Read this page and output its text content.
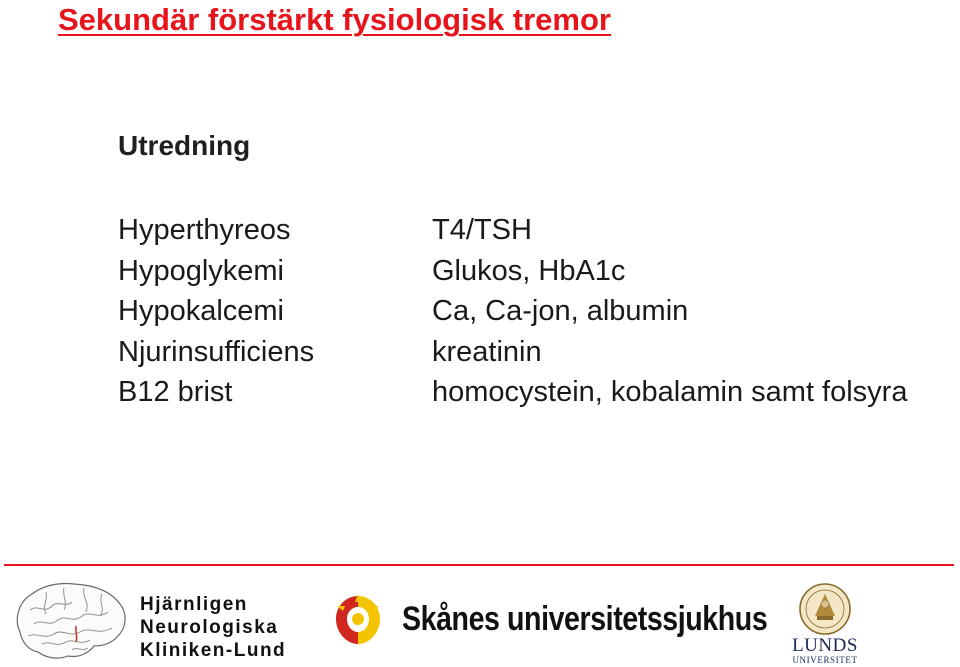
Sekundär förstärkt fysiologisk tremor
Utredning
Hyperthyreos
Hypoglykemi
Hypokalcemi
Njurinsufficiens
B12 brist
T4/TSH
Glukos, HbA1c
Ca, Ca-jon, albumin
kreatinin
homocystein, kobalamin samt folsyra
Hjärnligen
Neurologiska
Kliniken-Lund
Skånes universitetssjukhus
LUNDS
UNIVERSITET
